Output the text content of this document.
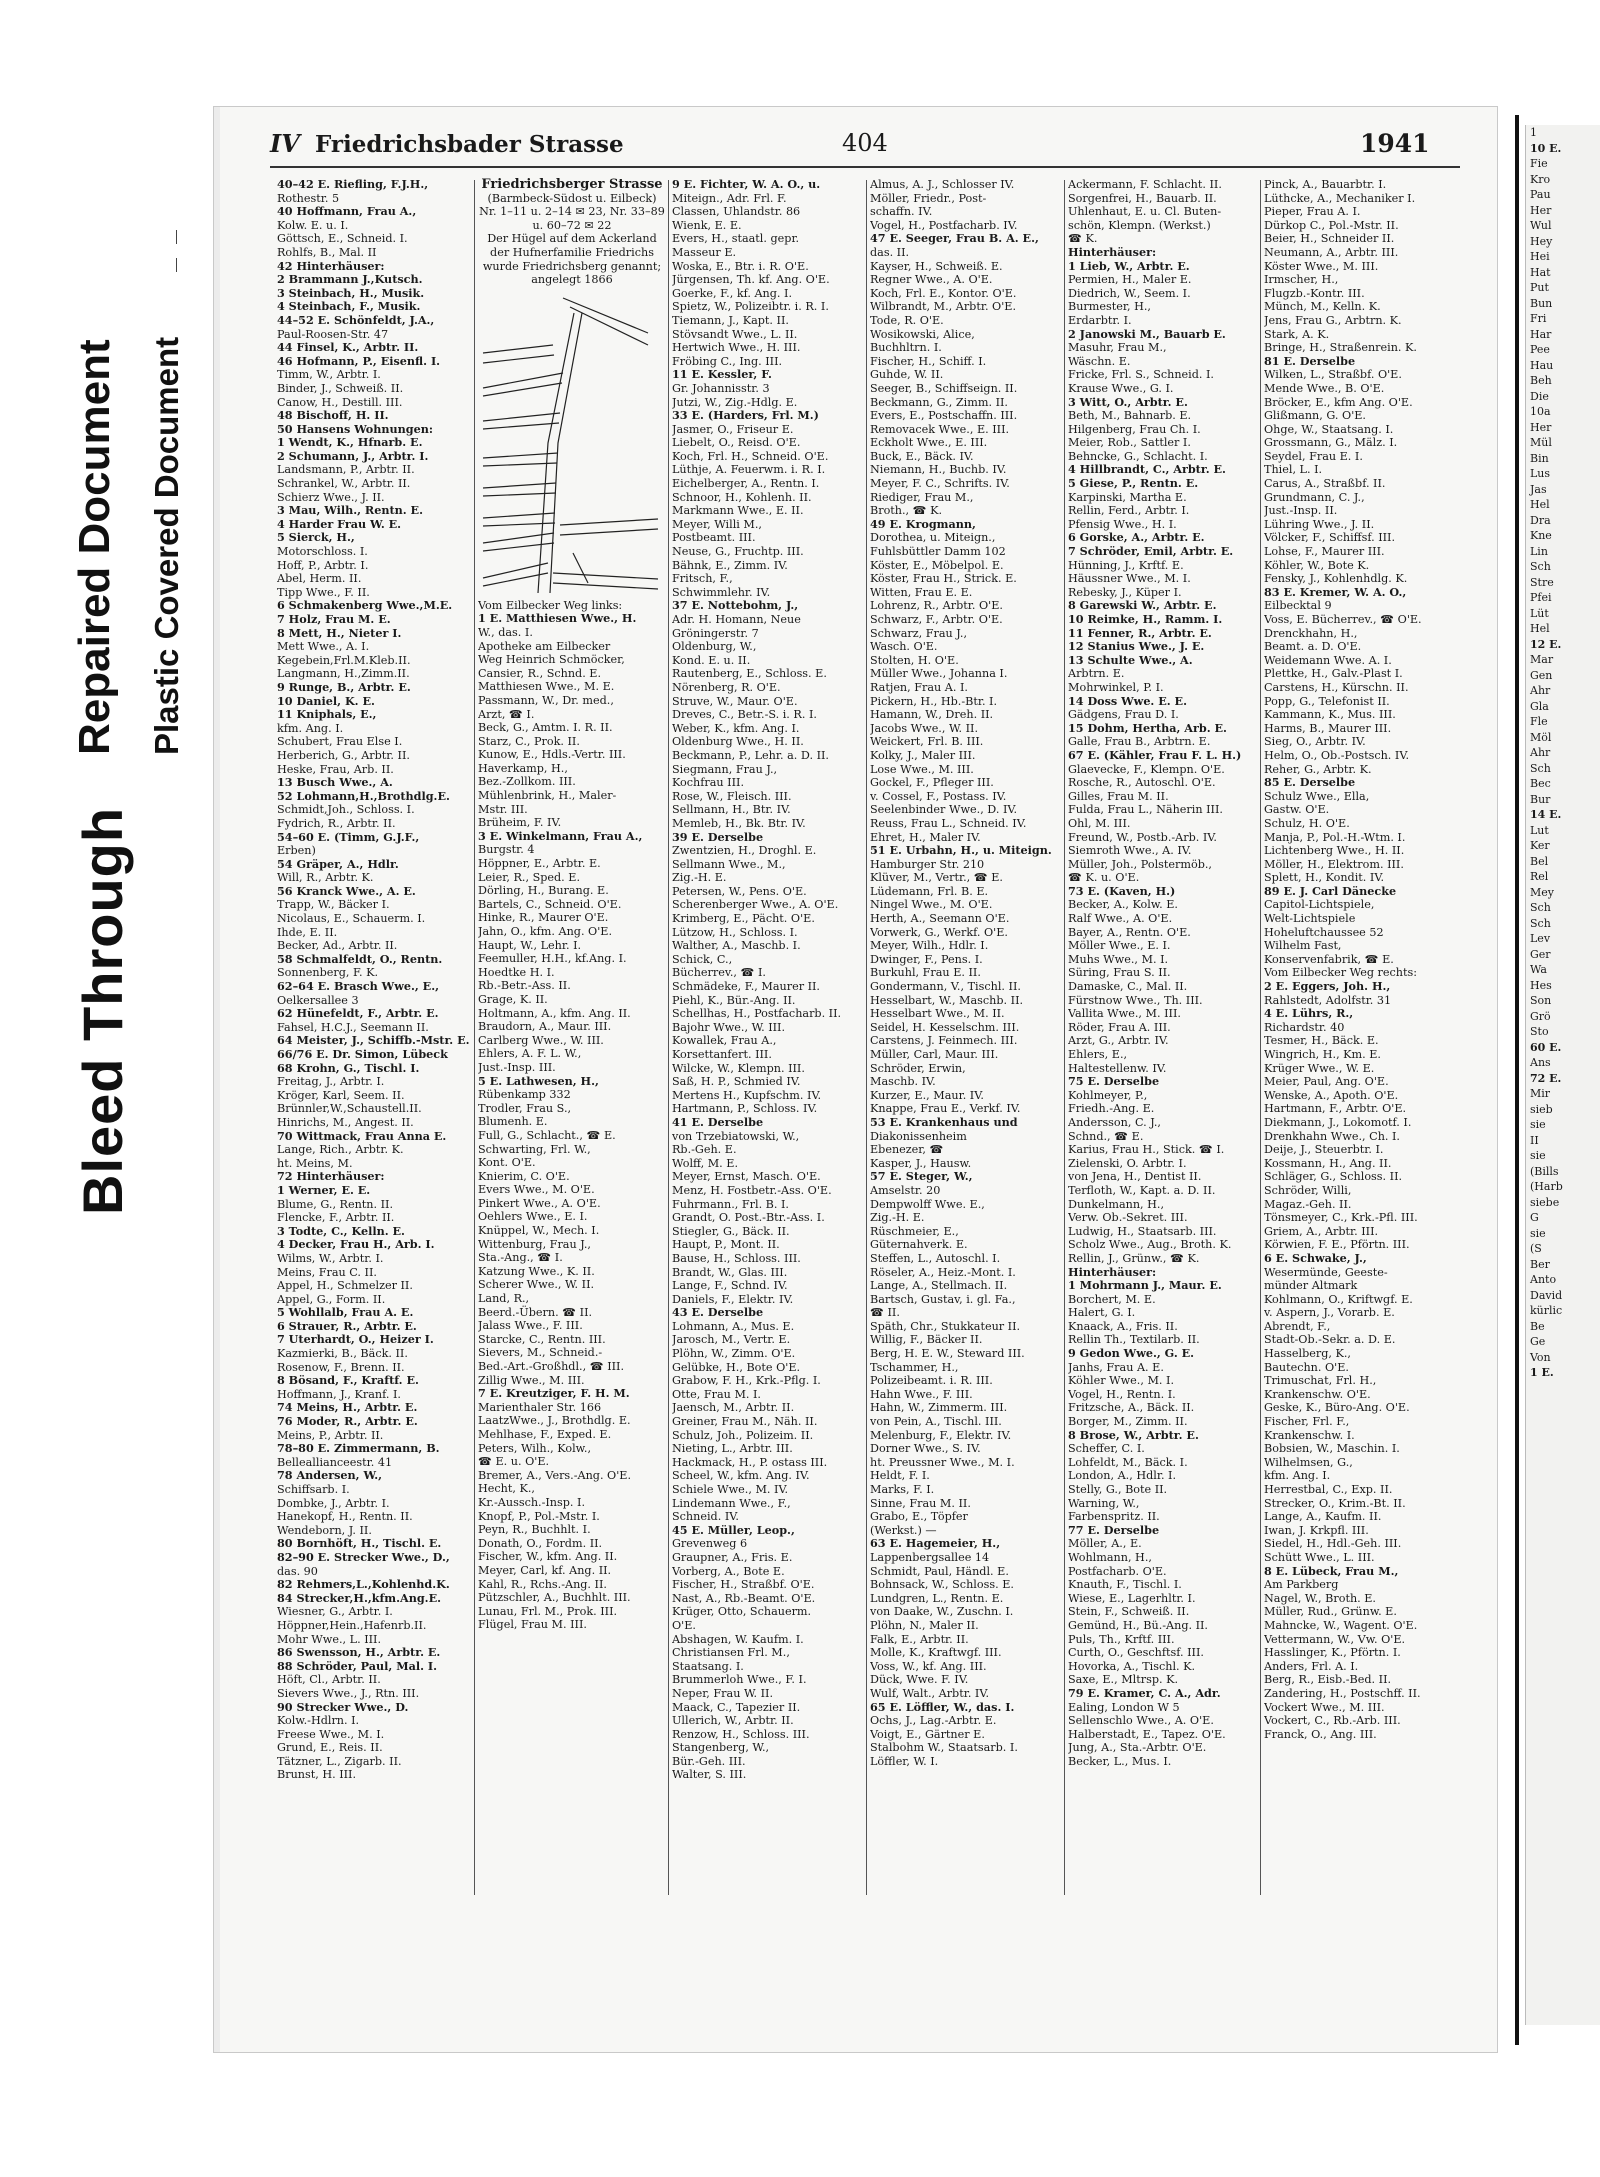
Bleed Through
Repaired Document Plastic Covered Document
IV Friedrichsbader Strasse	404	1941
40–42 E. Riefling, F.J.H.,
Rothestr. 5
40 Hoffmann, Frau A.,
Kolw. E. u. I.
Göttsch, E., Schneid. I.
Rohlfs, B., Mal. II
42 Hinterhäuser:
2 Brammann J.,Kutsch.
3 Steinbach, H., Musik.
4 Steinbach, F., Musik.
44–52 E. Schönfeldt, J.A.,
Paul-Roosen-Str. 47
44 Finsel, K., Arbtr. II.
46 Hofmann, P., Eisenfl. I.
Timm, W., Arbtr. I.
Binder, J., Schweiß. II.
Canow, H., Destill. III.
48 Bischoff, H. II.
50 Hansens Wohnungen:
1 Wendt, K., Hfnarb. E.
2 Schumann, J., Arbtr. I.
Landsmann, P., Arbtr. II.
Schrankel, W., Arbtr. II.
Schierz Wwe., J. II.
3 Mau, Wilh., Rentn. E.
4 Harder Frau W. E.
5 Sierck, H.,
Motorschloss. I.
Hoff, P., Arbtr. I.
Abel, Herm. II.
Tipp Wwe., F. II.
6 Schmakenberg Wwe.,M.E.
7 Holz, Frau M. E.
8 Mett, H., Nieter I.
Mett Wwe., A. I.
Kegebein,Frl.M.Kleb.II.
Langmann, H.,Zimm.II.
9 Runge, B., Arbtr. E.
10 Daniel, K. E.
11 Kniphals, E.,
kfm. Ang. I.
Schubert, Frau Else I.
Herberich, G., Arbtr. II.
Heske, Frau, Arb. II.
13 Busch Wwe., A.
52 Lohmann,H.,Brothdlg.E.
Schmidt,Joh., Schloss. I.
Fydrich, R., Arbtr. II.
54–60 E. (Timm, G.J.F.,
Erben)
54 Gräper, A., Hdlr.
Will, R., Arbtr. K.
56 Kranck Wwe., A. E.
Trapp, W., Bäcker I.
Nicolaus, E., Schauerm. I.
Ihde, E. II.
Becker, Ad., Arbtr. II.
58 Schmalfeldt, O., Rentn.
Sonnenberg, F. K.
62–64 E. Brasch Wwe., E.,
Oelkersallee 3
62 Hünefeldt, F., Arbtr. E.
Fahsel, H.C.J., Seemann II.
64 Meister, J., Schiffb.-Mstr. E.
66/76 E. Dr. Simon, Lübeck
68 Krohn, G., Tischl. I.
Freitag, J., Arbtr. I.
Kröger, Karl, Seem. II.
Brünnler,W.,Schaustell.II.
Hinrichs, M., Angest. II.
70 Wittmack, Frau Anna E.
Lange, Rich., Arbtr. K.
ht. Meins, M.
72 Hinterhäuser:
1 Werner, E. E.
Blume, G., Rentn. II.
Flencke, F., Arbtr. II.
3 Todte, C., Kelln. E.
4 Decker, Frau H., Arb. I.
Wilms, W., Arbtr. I.
Meins, Frau C. II.
Appel, H., Schmelzer II.
Appel, G., Form. II.
5 Wohllalb, Frau A. E.
6 Strauer, R., Arbtr. E.
7 Uterhardt, O., Heizer I.
Kazmierki, B., Bäck. II.
Rosenow, F., Brenn. II.
8 Bösand, F., Kraftf. E.
Hoffmann, J., Kranf. I.
74 Meins, H., Arbtr. E.
76 Moder, R., Arbtr. E.
Meins, P., Arbtr. II.
78–80 E. Zimmermann, B.
Belleallianceestr. 41
78 Andersen, W.,
Schiffsarb. I.
Dombke, J., Arbtr. I.
Hanekopf, H., Rentn. II.
Wendeborn, J. II.
80 Bornhöft, H., Tischl. E.
82–90 E. Strecker Wwe., D.,
das. 90
82 Rehmers,L.,Kohlenhd.K.
84 Strecker,H.,kfm.Ang.E.
Wiesner, G., Arbtr. I.
Höppner,Hein.,Hafenrb.II.
Mohr Wwe., L. III.
86 Swensson, H., Arbtr. E.
88 Schröder, Paul, Mal. I.
Höft, Cl., Arbtr. II.
Sievers Wwe., J., Rtn. III.
90 Strecker Wwe., D.
Kolw.-Hdlrn. I.
Freese Wwe., M. I.
Grund, E., Reis. II.
Tätzner, L., Zigarb. II.
Brunst, H. III.
Friedrichsberger Strasse
(Barmbeck-Südost u. Eilbeck)
Nr. 1–11 u. 2–14 ✉ 23, Nr. 33–89 u. 60–72 ✉ 22
Der Hügel auf dem Ackerland der Hufnerfamilie Friedrichs wurde Friedrichsberg genannt; angelegt 1866
Vom Eilbecker Weg links:
1 E. Matthiesen Wwe., H.
W., das. I.
Apotheke am Eilbecker
Weg Heinrich Schmöcker,
Cansier, R., Schnd. E.
Matthiesen Wwe., M. E.
Passmann, W., Dr. med.,
Arzt, ☎ I.
Beck, G., Amtm. I. R. II.
Starz, C., Prok. II.
Kunow, E., Hdls.-Vertr. III.
Haverkamp, H.,
Bez.-Zollkom. III.
Mühlenbrink, H., Maler-
Mstr. III.
Brüheim, F. IV.
3 E. Winkelmann, Frau A.,
Burgstr. 4
Höppner, E., Arbtr. E.
Leier, R., Sped. E.
Dörling, H., Burang. E.
Bartels, C., Schneid. O'E.
Hinke, R., Maurer O'E.
Jahn, O., kfm. Ang. O'E.
Haupt, W., Lehr. I.
Feemuller, H.H., kf.Ang. I.
Hoedtke H. I.
Rb.-Betr.-Ass. II.
Grage, K. II.
Holtmann, A., kfm. Ang. II.
Braudorn, A., Maur. III.
Carlberg Wwe., W. III.
Ehlers, A. F. L. W.,
Just.-Insp. III.
5 E. Lathwesen, H.,
Rübenkamp 332
Trodler, Frau S.,
Blumenh. E.
Full, G., Schlacht., ☎ E.
Schwarting, Frl. W.,
Kont. O'E.
Knierim, C. O'E.
Evers Wwe., M. O'E.
Pinkert Wwe., A. O'E.
Oehlers Wwe., E. I.
Knüppel, W., Mech. I.
Wittenburg, Frau J.,
Sta.-Ang., ☎ I.
Katzung Wwe., K. II.
Scherer Wwe., W. II.
Land, R.,
Beerd.-Übern. ☎ II.
Jalass Wwe., F. III.
Starcke, C., Rentn. III.
Sievers, M., Schneid.-
Bed.-Art.-Großhdl., ☎ III.
Zillig Wwe., M. III.
7 E. Kreutziger, F. H. M.
Marienthaler Str. 166
LaatzWwe., J., Brothdlg. E.
Mehlhase, F., Exped. E.
Peters, Wilh., Kolw.,
☎ E. u. O'E.
Bremer, A., Vers.-Ang. O'E.
Hecht, K.,
Kr.-Aussch.-Insp. I.
Knopf, P., Pol.-Mstr. I.
Peyn, R., Buchhlt. I.
Donath, O., Fordm. II.
Fischer, W., kfm. Ang. II.
Meyer, Carl, kf. Ang. II.
Kahl, R., Rchs.-Ang. II.
Pützschler, A., Buchhlt. III.
Lunau, Frl. M., Prok. III.
Flügel, Frau M. III.
9 E. Fichter, W. A. O., u.
Miteign., Adr. Frl. F.
Classen, Uhlandstr. 86
Wienk, E. E.
Evers, H., staatl. gepr.
Masseur E.
Woska, E., Btr. i. R. O'E.
Jürgensen, Th. kf. Ang. O'E.
Goerke, F., kf. Ang. I.
Spietz, W., Polizeibtr. i. R. I.
Tiemann, J., Kapt. II.
Stövsandt Wwe., L. II.
Hertwich Wwe., H. III.
Fröbing C., Ing. III.
11 E. Kessler, F.
Gr. Johannisstr. 3
Jutzi, W., Zig.-Hdlg. E.
33 E. (Harders, Frl. M.)
Jasmer, O., Friseur E.
Liebelt, O., Reisd. O'E.
Koch, Frl. H., Schneid. O'E.
Lüthje, A. Feuerwm. i. R. I.
Eichelberger, A., Rentn. I.
Schnoor, H., Kohlenh. II.
Markmann Wwe., E. II.
Meyer, Willi M.,
Postbeamt. III.
Neuse, G., Fruchtp. III.
Bähnk, E., Zimm. IV.
Fritsch, F.,
Schwimmlehr. IV.
37 E. Nottebohm, J.,
Adr. H. Homann, Neue
Gröningerstr. 7
Oldenburg, W.,
Kond. E. u. II.
Rautenberg, E., Schloss. E.
Nörenberg, R. O'E.
Struve, W., Maur. O'E.
Dreves, C., Betr.-S. i. R. I.
Weber, K., kfm. Ang. I.
Oldenburg Wwe., H. II.
Beckmann, P., Lehr. a. D. II.
Siegmann, Frau J.,
Kochfrau III.
Rose, W., Fleisch. III.
Sellmann, H., Btr. IV.
Memleb, H., Bk. Btr. IV.
39 E. Derselbe
Zwentzien, H., Droghl. E.
Sellmann Wwe., M.,
Zig.-H. E.
Petersen, W., Pens. O'E.
Scherenberger Wwe., A. O'E.
Krimberg, E., Pächt. O'E.
Lützow, H., Schloss. I.
Walther, A., Maschb. I.
Schick, C.,
Bücherrev., ☎ I.
Schmädeke, F., Maurer II.
Piehl, K., Bür.-Ang. II.
Schellhas, H., Postfacharb. II.
Bajohr Wwe., W. III.
Kowallek, Frau A.,
Korsettanfert. III.
Wilcke, W., Klempn. III.
Saß, H. P., Schmied IV.
Mertens H., Kupfschm. IV.
Hartmann, P., Schloss. IV.
41 E. Derselbe
von Trzebiatowski, W.,
Rb.-Geh. E.
Wolff, M. E.
Meyer, Ernst, Masch. O'E.
Menz, H. Fostbetr.-Ass. O'E.
Fuhrmann., Frl. B. I.
Grandt, O. Post.-Btr.-Ass. I.
Stiegler, G., Bäck. II.
Haupt, P., Mont. II.
Bause, H., Schloss. III.
Brandt, W., Glas. III.
Lange, F., Schnd. IV.
Daniels, F., Elektr. IV.
43 E. Derselbe
Lohmann, A., Mus. E.
Jarosch, M., Vertr. E.
Plöhn, W., Zimm. O'E.
Gelübke, H., Bote O'E.
Grabow, F. H., Krk.-Pflg. I.
Otte, Frau M. I.
Jaensch, M., Arbtr. II.
Greiner, Frau M., Näh. II.
Schulz, Joh., Polizeim. II.
Nieting, L., Arbtr. III.
Hackmack, H., P. ostass III.
Scheel, W., kfm. Ang. IV.
Schiele Wwe., M. IV.
Lindemann Wwe., F.,
Schneid. IV.
45 E. Müller, Leop.,
Grevenweg 6
Graupner, A., Fris. E.
Vorberg, A., Bote E.
Fischer, H., Straßbf. O'E.
Nast, A., Rb.-Beamt. O'E.
Krüger, Otto, Schauerm.
O'E.
Abshagen, W. Kaufm. I.
Christiansen Frl. M.,
Staatsang. I.
Brummerloh Wwe., F. I.
Neper, Frau W. II.
Maack, C., Tapezier II.
Ullerich, W., Arbtr. II.
Renzow, H., Schloss. III.
Stangenberg, W.,
Bür.-Geh. III.
Walter, S. III.
Almus, A. J., Schlosser IV.
Möller, Friedr., Post-
schaffn. IV.
Vogel, H., Postfacharb. IV.
47 E. Seeger, Frau B. A. E.,
das. II.
Kayser, H., Schweiß. E.
Regner Wwe., A. O'E.
Koch, Frl. E., Kontor. O'E.
Wilbrandt, M., Arbtr. O'E.
Tode, R. O'E.
Wosikowski, Alice,
Buchhltrn. I.
Fischer, H., Schiff. I.
Guhde, W. II.
Seeger, B., Schiffseign. II.
Beckmann, G., Zimm. II.
Evers, E., Postschaffn. III.
Removacek Wwe., E. III.
Eckholt Wwe., E. III.
Buck, E., Bäck. IV.
Niemann, H., Buchb. IV.
Meyer, F. C., Schrifts. IV.
Riediger, Frau M.,
Broth., ☎ K.
49 E. Krogmann,
Dorothea, u. Miteign.,
Fuhlsbüttler Damm 102
Köster, E., Möbelpol. E.
Köster, Frau H., Strick. E.
Witten, Frau E. E.
Lohrenz, R., Arbtr. O'E.
Schwarz, F., Arbtr. O'E.
Schwarz, Frau J.,
Wasch. O'E.
Stolten, H. O'E.
Müller Wwe., Johanna I.
Ratjen, Frau A. I.
Pickern, H., Hb.-Btr. I.
Hamann, W., Dreh. II.
Jacobs Wwe., W. II.
Weickert, Frl. B. III.
Kolky, J., Maler III.
Lose Wwe., M. III.
Gockel, F., Pfleger III.
v. Cossel, F., Postass. IV.
Seelenbinder Wwe., D. IV.
Reuss, Frau L., Schneid. IV.
Ehret, H., Maler IV.
51 E. Urbahn, H., u. Miteign.
Hamburger Str. 210
Klüver, M., Vertr., ☎ E.
Lüdemann, Frl. B. E.
Ningel Wwe., M. O'E.
Herth, A., Seemann O'E.
Vorwerk, G., Werkf. O'E.
Meyer, Wilh., Hdlr. I.
Dwinger, F., Pens. I.
Burkuhl, Frau E. II.
Gondermann, V., Tischl. II.
Hesselbart, W., Maschb. II.
Hesselbart Wwe., M. II.
Seidel, H. Kesselschm. III.
Carstens, J. Feinmech. III.
Müller, Carl, Maur. III.
Schröder, Erwin,
Maschb. IV.
Kurzer, E., Maur. IV.
Knappe, Frau E., Verkf. IV.
53 E. Krankenhaus und
Diakonissenheim
Ebenezer, ☎
Kasper, J., Hausw.
57 E. Steger, W.,
Amselstr. 20
Dempwolff Wwe. E.,
Zig.-H. E.
Rüschmeier, E.,
Güternahverk. E.
Steffen, L., Autoschl. I.
Röseler, A., Heiz.-Mont. I.
Lange, A., Stellmach. II.
Bartsch, Gustav, i. gl. Fa.,
☎ II.
Späth, Chr., Stukkateur II.
Willig, F., Bäcker II.
Berg, H. E. W., Steward III.
Tschammer, H.,
Polizeibeamt. i. R. III.
Hahn Wwe., F. III.
Hahn, W., Zimmerm. III.
von Pein, A., Tischl. III.
Melenburg, F., Elektr. IV.
Dorner Wwe., S. IV.
ht. Preussner Wwe., M. I.
Heldt, F. I.
Marks, F. I.
Sinne, Frau M. II.
Grabo, E., Töpfer
(Werkst.) —
63 E. Hagemeier, H.,
Lappenbergsallee 14
Schmidt, Paul, Händl. E.
Bohnsack, W., Schloss. E.
Lundgren, L., Rentn. E.
von Daake, W., Zuschn. I.
Plöhn, N., Maler II.
Falk, E., Arbtr. II.
Molle, K., Kraftwgf. III.
Voss, W., kf. Ang. III.
Dück, Wwe. F. IV.
Wulf, Walt., Arbtr. IV.
65 E. Löffler, W., das. I.
Ochs, J., Lag.-Arbtr. E.
Voigt, E., Gärtner E.
Stalbohm W., Staatsarb. I.
Löffler, W. I.
Ackermann, F. Schlacht. II.
Sorgenfrei, H., Bauarb. II.
Uhlenhaut, E. u. Cl. Buten-
schön, Klempn. (Werkst.)
☎ K.
Hinterhäuser:
1 Lieb, W., Arbtr. E.
Permien, H., Maler E.
Diedrich, W., Seem. I.
Burmester, H.,
Erdarbtr. I.
2 Janowski M., Bauarb E.
Masuhr, Frau M.,
Wäschn. E.
Fricke, Frl. S., Schneid. I.
Krause Wwe., G. I.
3 Witt, O., Arbtr. E.
Beth, M., Bahnarb. E.
Hilgenberg, Frau Ch. I.
Meier, Rob., Sattler I.
Behncke, G., Schlacht. I.
4 Hillbrandt, C., Arbtr. E.
5 Giese, P., Rentn. E.
Karpinski, Martha E.
Rellin, Ferd., Arbtr. I.
Pfensig Wwe., H. I.
6 Gorske, A., Arbtr. E.
7 Schröder, Emil, Arbtr. E.
Hünning, J., Krftf. E.
Häussner Wwe., M. I.
Rebesky, J., Küper I.
8 Garewski W., Arbtr. E.
10 Reimke, H., Ramm. I.
11 Fenner, R., Arbtr. E.
12 Stanius Wwe., J. E.
13 Schulte Wwe., A.
Arbtrn. E.
Mohrwinkel, P. I.
14 Doss Wwe. E. E.
Gädgens, Frau D. I.
15 Dohm, Hertha, Arb. E.
Galle, Frau B., Arbtrn. E.
67 E. (Kähler, Frau F. L. H.)
Glaevecke, F., Klempn. O'E.
Rosche, R., Autoschl. O'E.
Gilles, Frau M. II.
Fulda, Frau L., Näherin III.
Ohl, M. III.
Freund, W., Postb.-Arb. IV.
Siemroth Wwe., A. IV.
Müller, Joh., Polstermöb.,
☎ K. u. O'E.
73 E. (Kaven, H.)
Becker, A., Kolw. E.
Ralf Wwe., A. O'E.
Bayer, A., Rentn. O'E.
Möller Wwe., E. I.
Muhs Wwe., M. I.
Süring, Frau S. II.
Damaske, C., Mal. II.
Fürstnow Wwe., Th. III.
Vallita Wwe., M. III.
Röder, Frau A. III.
Arzt, G., Arbtr. IV.
Ehlers, E.,
Haltestellenw. IV.
75 E. Derselbe
Kohlmeyer, P.,
Friedh.-Ang. E.
Andersson, C. J.,
Schnd., ☎ E.
Karius, Frau H., Stick. ☎ I.
Zielenski, O. Arbtr. I.
von Jena, H., Dentist II.
Terfloth, W., Kapt. a. D. II.
Dunkelmann, H.,
Verw. Ob.-Sekret. III.
Ludwig, H., Staatsarb. III.
Scholz Wwe., Aug., Broth. K.
Rellin, J., Grünw., ☎ K.
Hinterhäuser:
1 Mohrmann J., Maur. E.
Borchert, M. E.
Halert, G. I.
Knaack, A., Fris. II.
Rellin Th., Textilarb. II.
9 Gedon Wwe., G. E.
Janhs, Frau A. E.
Köhler Wwe., M. I.
Vogel, H., Rentn. I.
Fritzsche, A., Bäck. II.
Borger, M., Zimm. II.
8 Brose, W., Arbtr. E.
Scheffer, C. I.
Lohfeldt, M., Bäck. I.
London, A., Hdlr. I.
Stelly, G., Bote II.
Warning, W.,
Farbenspritz. II.
77 E. Derselbe
Möller, A., E.
Wohlmann, H.,
Postfacharb. O'E.
Knauth, F., Tischl. I.
Wiese, E., Lagerhltr. I.
Stein, F., Schweiß. II.
Gemünd, H., Bü.-Ang. II.
Puls, Th., Krftf. III.
Curth, O., Geschftsf. III.
Hovorka, A., Tischl. K.
Saxe, E., Mltrsp. K.
79 E. Kramer, C. A., Adr.
Ealing, London W 5
Sellenschlo Wwe., A. O'E.
Halberstadt, E., Tapez. O'E.
Jung, A., Sta.-Arbtr. O'E.
Becker, L., Mus. I.
Pinck, A., Bauarbtr. I.
Lüthcke, A., Mechaniker I.
Pieper, Frau A. I.
Dürkop C., Pol.-Mstr. II.
Beier, H., Schneider II.
Neumann, A., Arbtr. III.
Köster Wwe., M. III.
Irmscher, H.,
Flugzb.-Kontr. III.
Münch, M., Kelln. K.
Jens, Frau G., Arbtrn. K.
Stark, A. K.
Bringe, H., Straßenrein. K.
81 E. Derselbe
Wilken, L., Straßbf. O'E.
Mende Wwe., B. O'E.
Bröcker, E., kfm Ang. O'E.
Glißmann, G. O'E.
Ohge, W., Staatsang. I.
Grossmann, G., Mälz. I.
Seydel, Frau E. I.
Thiel, L. I.
Carus, A., Straßbf. II.
Grundmann, C. J.,
Just.-Insp. II.
Lühring Wwe., J. II.
Völcker, F., Schiffsf. III.
Lohse, F., Maurer III.
Köhler, W., Bote K.
Fensky, J., Kohlenhdlg. K.
83 E. Kremer, W. A. O.,
Eilbecktal 9
Voss, E. Bücherrev., ☎ O'E.
Drenckhahn, H.,
Beamt. a. D. O'E.
Weidemann Wwe. A. I.
Plettke, H., Galv.-Plast I.
Carstens, H., Kürschn. II.
Popp, G., Telefonist II.
Kammann, K., Mus. III.
Harms, B., Maurer III.
Sieg, O., Arbtr. IV.
Helm, O., Ob.-Postsch. IV.
Reher, G., Arbtr. K.
85 E. Derselbe
Schulz Wwe., Ella,
Gastw. O'E.
Schulz, H. O'E.
Manja, P., Pol.-H.-Wtm. I.
Lichtenberg Wwe., H. II.
Möller, H., Elektrom. III.
Splett, H., Kondit. IV.
89 E. J. Carl Dänecke
Capitol-Lichtspiele,
Welt-Lichtspiele
Hoheluftchaussee 52
Wilhelm Fast,
Konservenfabrik, ☎ E.
Vom Eilbecker Weg rechts:
2 E. Eggers, Joh. H.,
Rahlstedt, Adolfstr. 31
4 E. Lührs, R.,
Richardstr. 40
Tesmer, H., Bäck. E.
Wingrich, H., Km. E.
Krüger Wwe., W. E.
Meier, Paul, Ang. O'E.
Wenske, A., Apoth. O'E.
Hartmann, F., Arbtr. O'E.
Diekmann, J., Lokomotf. I.
Drenkhahn Wwe., Ch. I.
Deije, J., Steuerbtr. I.
Kossmann, H., Ang. II.
Schläger, G., Schloss. II.
Schröder, Willi,
Magaz.-Geh. II.
Tönsmeyer, C., Krk.-Pfl. III.
Griem, A., Arbtr. III.
Körwien, F. E., Pförtn. III.
6 E. Schwake, J.,
Wesermünde, Geeste-
münder Altmark
Kohlmann, O., Kriftwgf. E.
v. Aspern, J., Vorarb. E.
Abrendt, F.,
Stadt-Ob.-Sekr. a. D. E.
Hasselberg, K.,
Bautechn. O'E.
Trimuschat, Frl. H.,
Krankenschw. O'E.
Geske, K., Büro-Ang. O'E.
Fischer, Frl. F.,
Krankenschw. I.
Bobsien, W., Maschin. I.
Wilhelmsen, G.,
kfm. Ang. I.
Herrestbal, C., Exp. II.
Strecker, O., Krim.-Bt. II.
Lange, A., Kaufm. II.
Iwan, J. Krkpfl. III.
Siedel, H., Hdl.-Geh. III.
Schütt Wwe., L. III.
8 E. Lübeck, Frau M.,
Am Parkberg
Nagel, W., Broth. E.
Müller, Rud., Grünw. E.
Mahncke, W., Wagent. O'E.
Vettermann, W., Vw. O'E.
Hasslinger, K., Pförtn. I.
Anders, Frl. A. I.
Berg, R., Eisb.-Bed. II.
Zandering, H., Postschff. II.
Vockert Wwe., M. III.
Vockert, C., Rb.-Arb. III.
Franck, O., Ang. III.
1
10 E.
Fie
Kro
Pau
Her
Wul
Hey
Hei
Hat
Put
Bun
Fri
Har
Pee
Hau
Beh
Die
10a
Her
Mül
Bin
Lus
Jas
Hel
Dra
Kne
Lin
Sch
Stre
Pfei
Lüt
Hel
12 E.
Mar
Gen
Ahr
Gla
Fle
Möl
Ahr
Sch
Bec
Bur
14 E.
Lut
Ker
Bel
Rel
Mey
Sch
Sch
Lev
Ger
Wa
Hes
Son
Grö
Sto
60 E.
Ans
72 E.
Mir
sieb
sie
II
sie
(Bills
(Harb
siebe
G
sie
(S
Ber
Anto
David
kürlic
Be
Ge
Von
1 E.
